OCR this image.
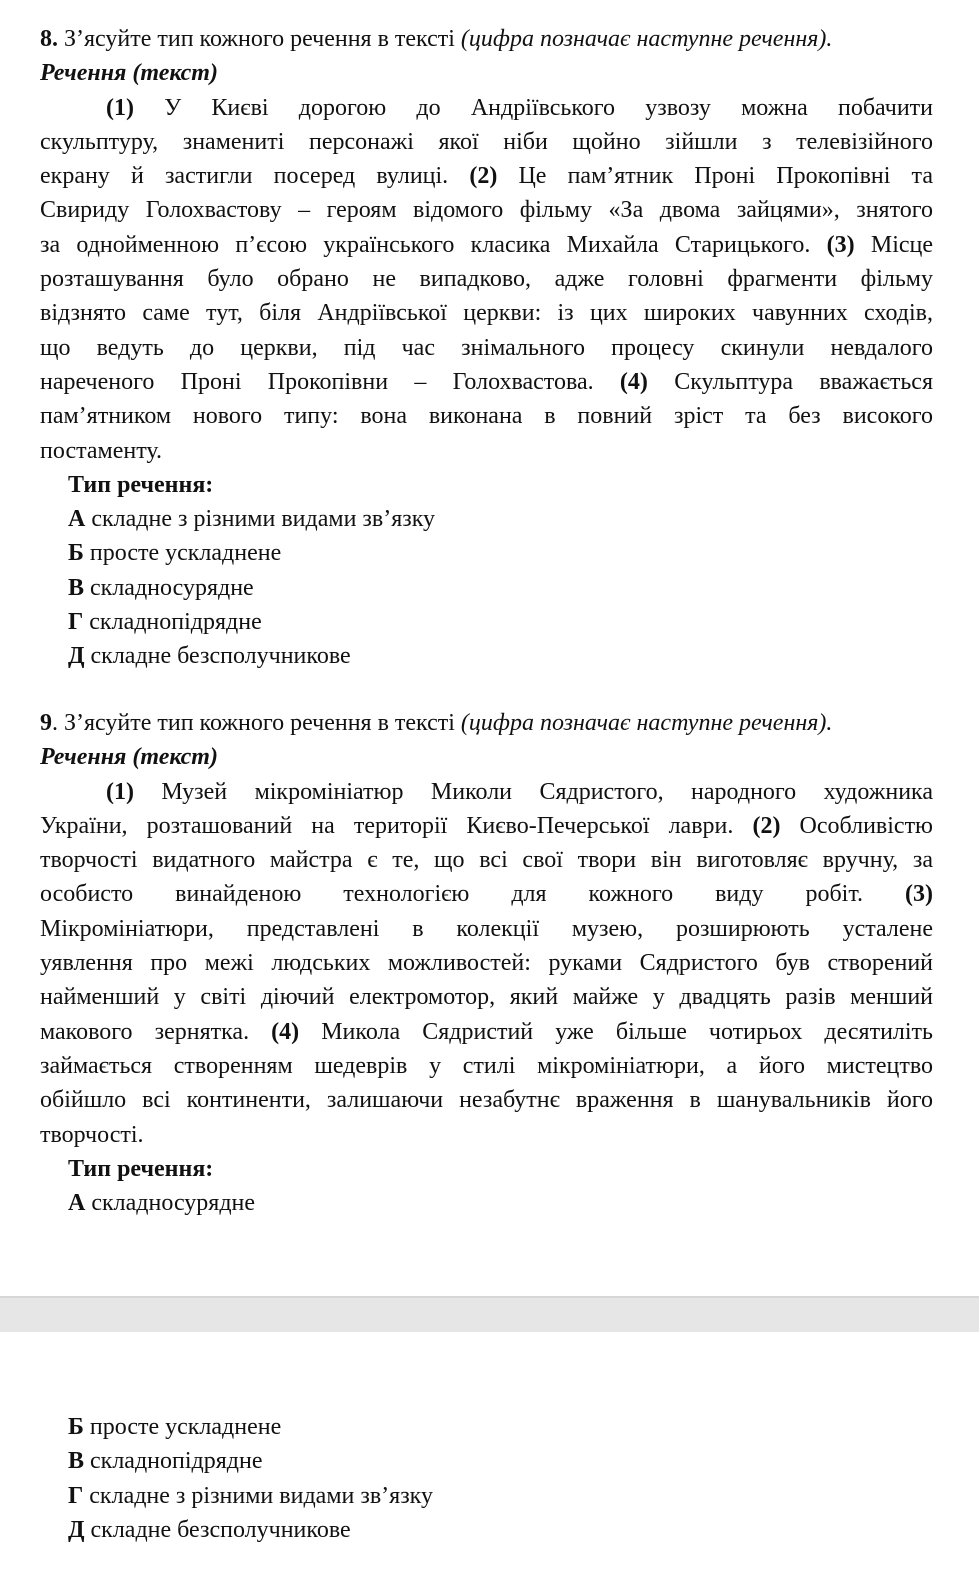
8. З’ясуйте тип кожного речення в тексті (цифра позначає наступне речення).
Речення (текст)
(1) У Києві дорогою до Андріївського узвозу можна побачити
скульптуру, знамениті персонажі якої ніби щойно зійшли з телевізійного
екрану й застигли посеред вулиці. (2) Це пам’ятник Проні Прокопівні та
Свириду Голохвастову – героям відомого фільму «За двома зайцями», знятого
за однойменною п’єсою українського класика Михайла Старицького. (3) Місце
розташування було обрано не випадково, адже головні фрагменти фільму
відзнято саме тут, біля Андріївської церкви: із цих широких чавунних сходів,
що ведуть до церкви, під час знімального процесу скинули невдалого
нареченого Проні Прокопівни – Голохвастова. (4) Скульптура вважається
пам’ятником нового типу: вона виконана в повний зріст та без високого
постаменту.
Тип речення:
А складне з різними видами зв’язку
Б просте ускладнене
В складносурядне
Г складнопідрядне
Д складне безсполучникове
9. З’ясуйте тип кожного речення в тексті (цифра позначає наступне речення).
Речення (текст)
(1) Музей мікромініатюр Миколи Сядристого, народного художника
України, розташований на території Києво-Печерської лаври. (2) Особливістю
творчості видатного майстра є те, що всі свої твори він виготовляє вручну, за
особисто винайденою технологією для кожного виду робіт. (3)
Мікромініатюри, представлені в колекції музею, розширюють усталене
уявлення про межі людських можливостей: руками Сядристого був створений
найменший у світі діючий електромотор, який майже у двадцять разів менший
макового зернятка. (4) Микола Сядристий уже більше чотирьох десятиліть
займається створенням шедеврів у стилі мікромініатюри, а його мистецтво
обійшло всі континенти, залишаючи незабутнє враження в шанувальників його
творчості.
Тип речення:
А складносурядне
Б просте ускладнене
В складнопідрядне
Г складне з різними видами зв’язку
Д складне безсполучникове
